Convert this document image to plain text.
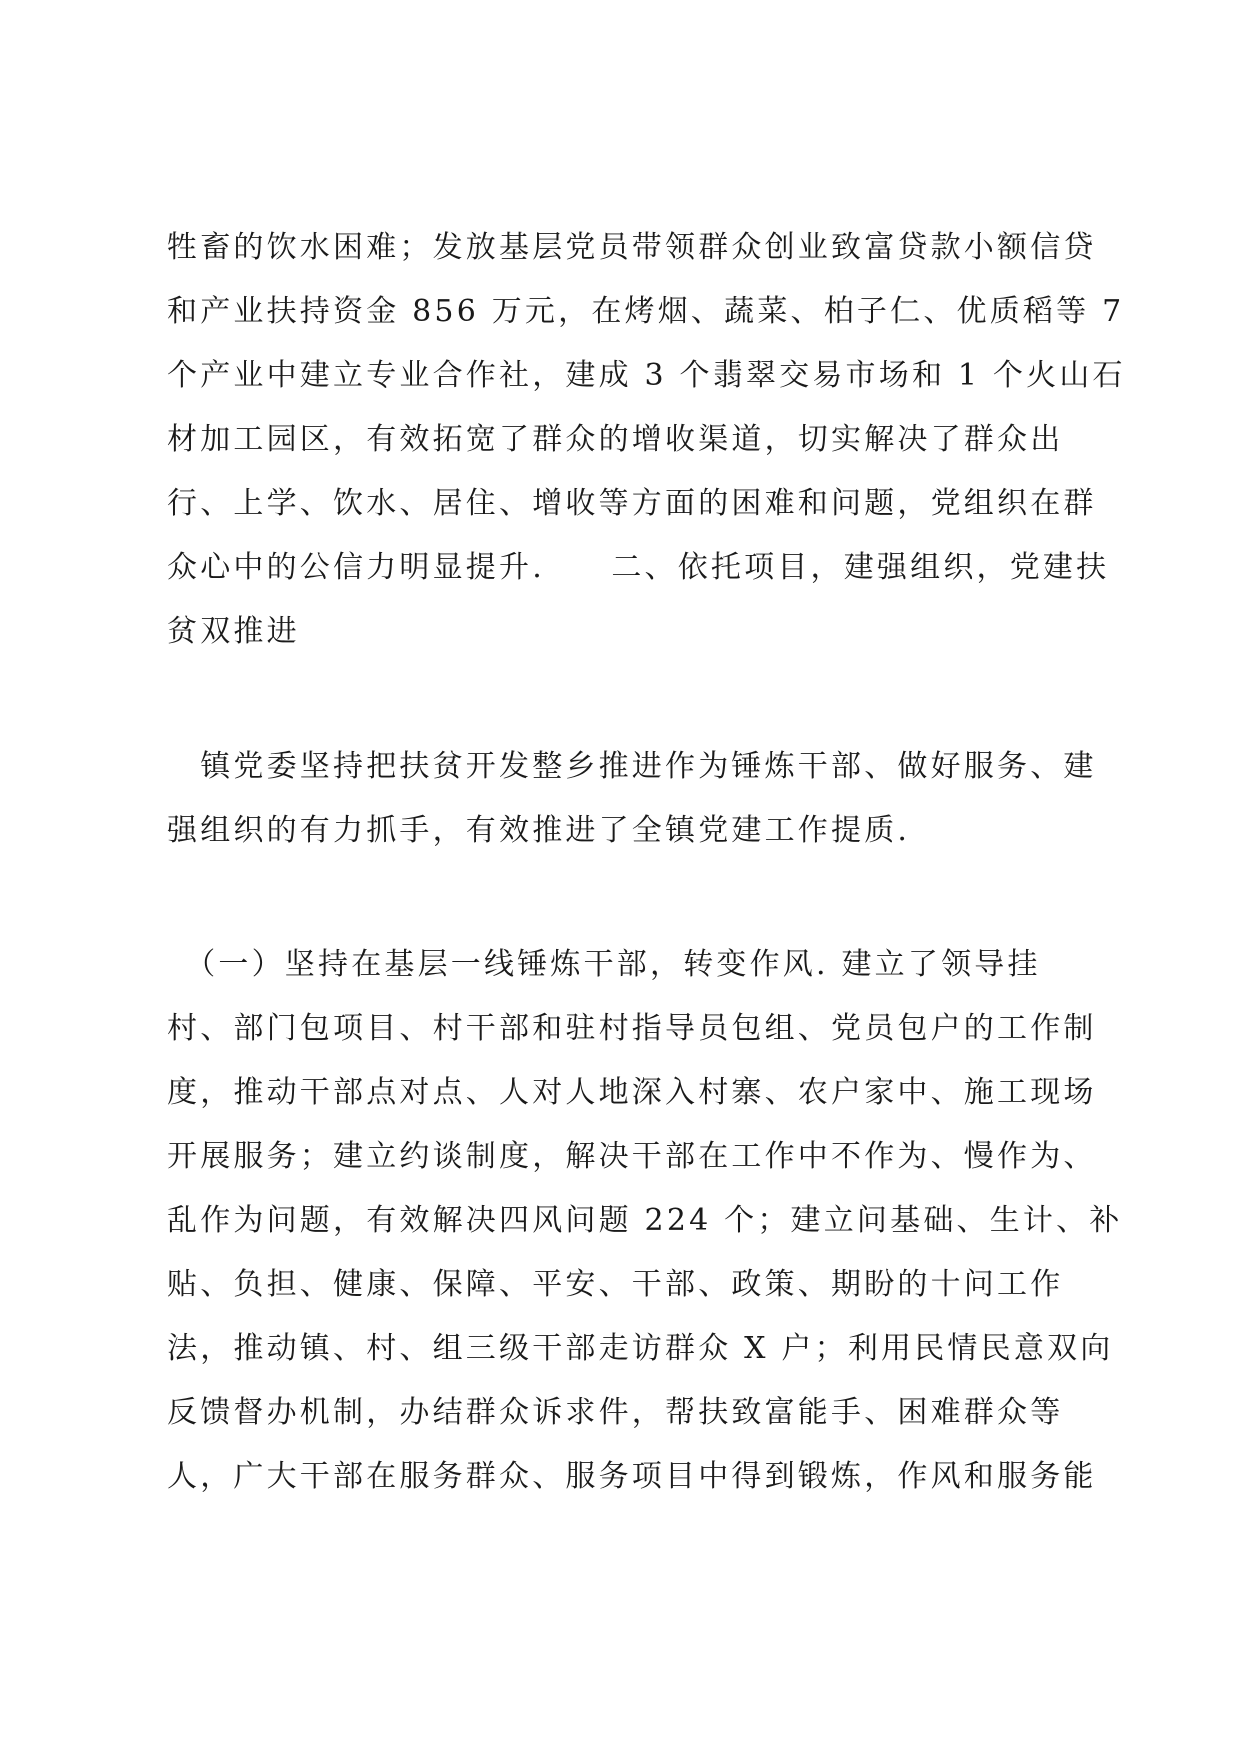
牲畜的饮水困难；发放基层党员带领群众创业致富贷款小额信贷
和产业扶持资金 856 万元，在烤烟、蔬菜、柏子仁、优质稻等 7
个产业中建立专业合作社，建成 3 个翡翠交易市场和 1 个火山石
材加工园区，有效拓宽了群众的增收渠道，切实解决了群众出
行、上学、饮水、居住、增收等方面的困难和问题，党组织在群
众心中的公信力明显提升.　　二、依托项目，建强组织，党建扶
贫双推进
　镇党委坚持把扶贫开发整乡推进作为锤炼干部、做好服务、建
强组织的有力抓手，有效推进了全镇党建工作提质.
　（一）坚持在基层一线锤炼干部，转变作风. 建立了领导挂
村、部门包项目、村干部和驻村指导员包组、党员包户的工作制
度，推动干部点对点、人对人地深入村寨、农户家中、施工现场
开展服务；建立约谈制度，解决干部在工作中不作为、慢作为、
乱作为问题，有效解决四风问题 224 个；建立问基础、生计、补
贴、负担、健康、保障、平安、干部、政策、期盼的十问工作
法，推动镇、村、组三级干部走访群众 X 户；利用民情民意双向
反馈督办机制，办结群众诉求件，帮扶致富能手、困难群众等
人，广大干部在服务群众、服务项目中得到锻炼，作风和服务能
